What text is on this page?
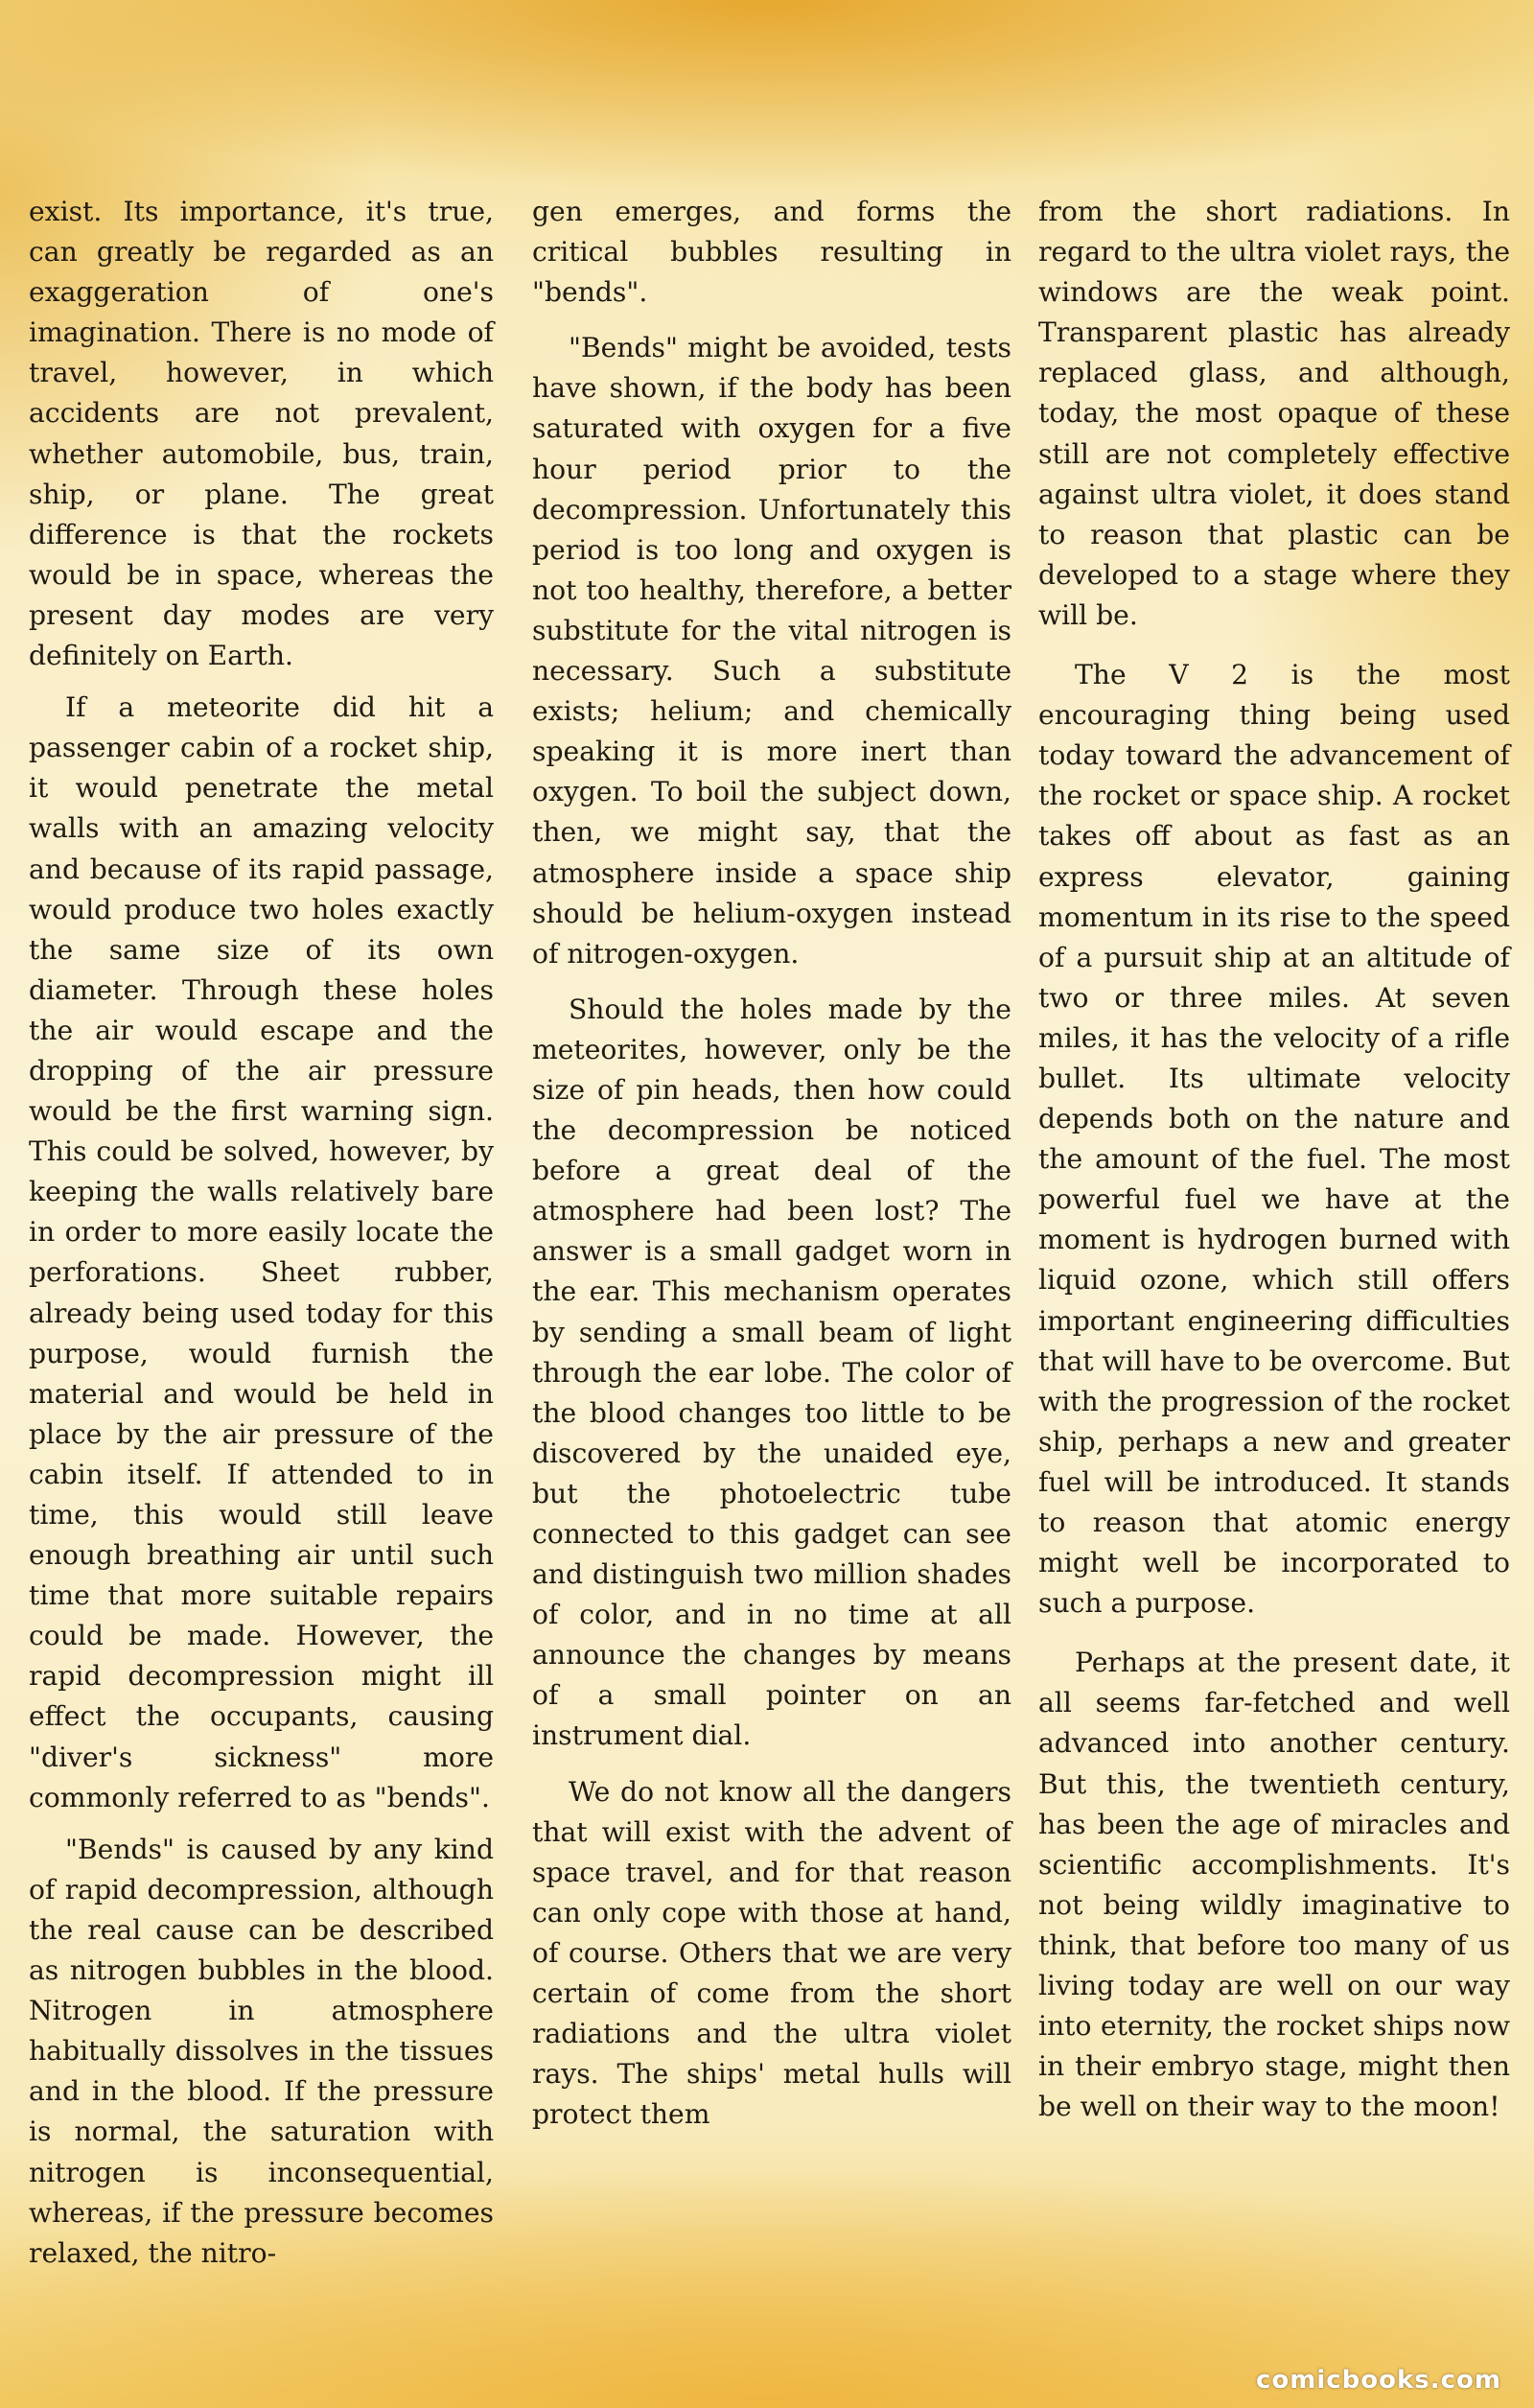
exist. Its importance, it's true, can greatly be regarded as an exaggeration of one's imagination. There is no mode of travel, however, in which accidents are not prevalent, whether automobile, bus, train, ship, or plane. The great difference is that the rockets would be in space, whereas the present day modes are very definitely on Earth.

If a meteorite did hit a passenger cabin of a rocket ship, it would penetrate the metal walls with an amazing velocity and because of its rapid passage, would produce two holes exactly the same size of its own diameter. Through these holes the air would escape and the dropping of the air pressure would be the first warning sign. This could be solved, however, by keeping the walls relatively bare in order to more easily locate the perforations. Sheet rubber, already being used today for this purpose, would furnish the material and would be held in place by the air pressure of the cabin itself. If attended to in time, this would still leave enough breathing air until such time that more suitable repairs could be made. However, the rapid decompression might ill effect the occupants, causing "diver's sickness" more commonly referred to as "bends".

"Bends" is caused by any kind of rapid decompression, although the real cause can be described as nitrogen bubbles in the blood. Nitrogen in atmosphere habitually dissolves in the tissues and in the blood. If the pressure is normal, the saturation with nitrogen is inconsequential, whereas, if the pressure becomes relaxed, the nitro-

gen emerges, and forms the critical bubbles resulting in "bends".

"Bends" might be avoided, tests have shown, if the body has been saturated with oxygen for a five hour period prior to the decompression. Unfortunately this period is too long and oxygen is not too healthy, therefore, a better substitute for the vital nitrogen is necessary. Such a substitute exists; helium; and chemically speaking it is more inert than oxygen. To boil the subject down, then, we might say, that the atmosphere inside a space ship should be helium-oxygen instead of nitrogen-oxygen.

Should the holes made by the meteorites, however, only be the size of pin heads, then how could the decompression be noticed before a great deal of the atmosphere had been lost? The answer is a small gadget worn in the ear. This mechanism operates by sending a small beam of light through the ear lobe. The color of the blood changes too little to be discovered by the unaided eye, but the photoelectric tube connected to this gadget can see and distinguish two million shades of color, and in no time at all announce the changes by means of a small pointer on an instrument dial.

We do not know all the dangers that will exist with the advent of space travel, and for that reason can only cope with those at hand, of course. Others that we are very certain of come from the short radiations and the ultra violet rays. The ships' metal hulls will protect them

from the short radiations. In regard to the ultra violet rays, the windows are the weak point. Transparent plastic has already replaced glass, and although, today, the most opaque of these still are not completely effective against ultra violet, it does stand to reason that plastic can be developed to a stage where they will be.

The V 2 is the most encouraging thing being used today toward the advancement of the rocket or space ship. A rocket takes off about as fast as an express elevator, gaining momentum in its rise to the speed of a pursuit ship at an altitude of two or three miles. At seven miles, it has the velocity of a rifle bullet. Its ultimate velocity depends both on the nature and the amount of the fuel. The most powerful fuel we have at the moment is hydrogen burned with liquid ozone, which still offers important engineering difficulties that will have to be overcome. But with the progression of the rocket ship, perhaps a new and greater fuel will be introduced. It stands to reason that atomic energy might well be incorporated to such a purpose.

Perhaps at the present date, it all seems far-fetched and well advanced into another century. But this, the twentieth century, has been the age of miracles and scientific accomplishments. It's not being wildly imaginative to think, that before too many of us living today are well on our way into eternity, the rocket ships now in their embryo stage, might then be well on their way to the moon!

comicbooks.com
